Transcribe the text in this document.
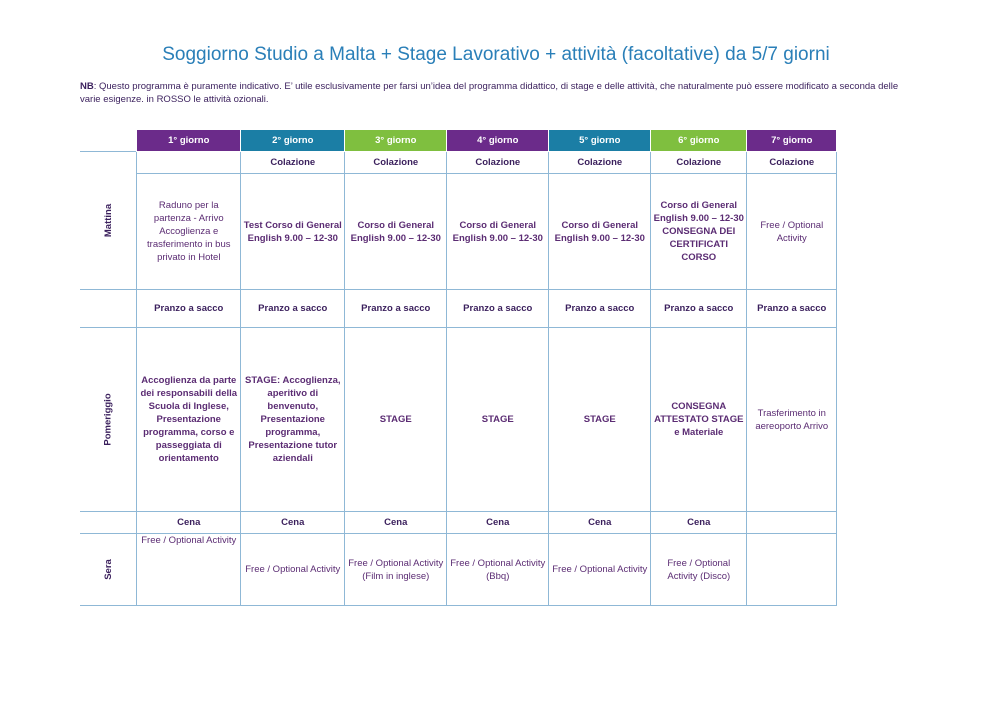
Soggiorno Studio a Malta + Stage Lavorativo + attività (facoltative) da 5/7 giorni
NB: Questo programma è puramente indicativo. E’ utile esclusivamente per farsi un’idea del programma didattico, di stage e delle attività, che naturalmente può essere modificato a seconda delle varie esigenze. in ROSSO le attività ozionali.
	1° giorno	2° giorno	3° giorno	4° giorno	5° giorno	6° giorno	7° giorno
Mattina		Colazione	Colazione	Colazione	Colazione	Colazione	Colazione
	Raduno per la partenza - Arrivo Accoglienza e trasferimento in bus privato in Hotel	Test Corso di General English 9.00 – 12-30	Corso di General English 9.00 – 12-30	Corso di General English 9.00 – 12-30	Corso di General English 9.00 – 12-30	Corso di General English 9.00 – 12-30 CONSEGNA DEI CERTIFICATI CORSO	Free / Optional Activity
	Pranzo a sacco	Pranzo a sacco	Pranzo a sacco	Pranzo a sacco	Pranzo a sacco	Pranzo a sacco	Pranzo a sacco
Pomeriggio	Accoglienza da parte dei responsabili della Scuola di Inglese, Presentazione programma, corso e passeggiata di orientamento	STAGE: Accoglienza, aperitivo di benvenuto, Presentazione programma, Presentazione tutor aziendali	STAGE	STAGE	STAGE	CONSEGNA ATTESTATO STAGE e Materiale	Trasferimento in aereoporto Arrivo
	Cena	Cena	Cena	Cena	Cena	Cena	
Sera	Free / Optional Activity	Free / Optional Activity	Free / Optional Activity (Film in inglese)	Free / Optional Activity (Bbq)	Free / Optional Activity	Free / Optional Activity (Disco)	
